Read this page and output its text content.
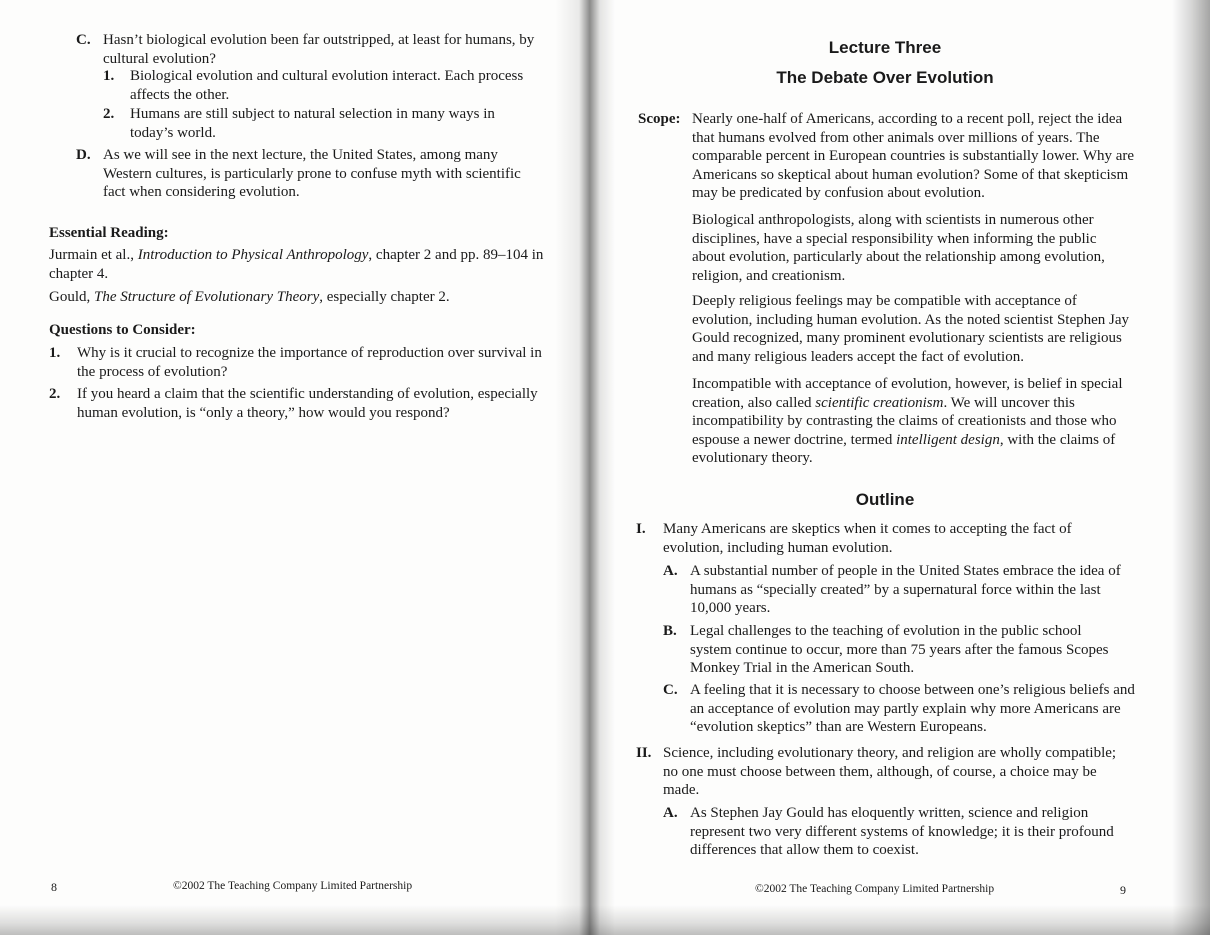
C. Hasn’t biological evolution been far outstripped, at least for humans, by cultural evolution?
1. Biological evolution and cultural evolution interact. Each process affects the other.
2. Humans are still subject to natural selection in many ways in today’s world.
D. As we will see in the next lecture, the United States, among many Western cultures, is particularly prone to confuse myth with scientific fact when considering evolution.
Essential Reading:
Jurmain et al., Introduction to Physical Anthropology, chapter 2 and pp. 89–104 in chapter 4.
Gould, The Structure of Evolutionary Theory, especially chapter 2.
Questions to Consider:
1. Why is it crucial to recognize the importance of reproduction over survival in the process of evolution?
2. If you heard a claim that the scientific understanding of evolution, especially human evolution, is “only a theory,” how would you respond?
8	©2002 The Teaching Company Limited Partnership
Lecture Three
The Debate Over Evolution
Scope: Nearly one-half of Americans, according to a recent poll, reject the idea that humans evolved from other animals over millions of years. The comparable percent in European countries is substantially lower. Why are Americans so skeptical about human evolution? Some of that skepticism may be predicated by confusion about evolution.
Biological anthropologists, along with scientists in numerous other disciplines, have a special responsibility when informing the public about evolution, particularly about the relationship among evolution, religion, and creationism.
Deeply religious feelings may be compatible with acceptance of evolution, including human evolution. As the noted scientist Stephen Jay Gould recognized, many prominent evolutionary scientists are religious and many religious leaders accept the fact of evolution.
Incompatible with acceptance of evolution, however, is belief in special creation, also called scientific creationism. We will uncover this incompatibility by contrasting the claims of creationists and those who espouse a newer doctrine, termed intelligent design, with the claims of evolutionary theory.
Outline
I. Many Americans are skeptics when it comes to accepting the fact of evolution, including human evolution.
A. A substantial number of people in the United States embrace the idea of humans as “specially created” by a supernatural force within the last 10,000 years.
B. Legal challenges to the teaching of evolution in the public school system continue to occur, more than 75 years after the famous Scopes Monkey Trial in the American South.
C. A feeling that it is necessary to choose between one’s religious beliefs and an acceptance of evolution may partly explain why more Americans are “evolution skeptics” than are Western Europeans.
II. Science, including evolutionary theory, and religion are wholly compatible; no one must choose between them, although, of course, a choice may be made.
A. As Stephen Jay Gould has eloquently written, science and religion represent two very different systems of knowledge; it is their profound differences that allow them to coexist.
©2002 The Teaching Company Limited Partnership	9
